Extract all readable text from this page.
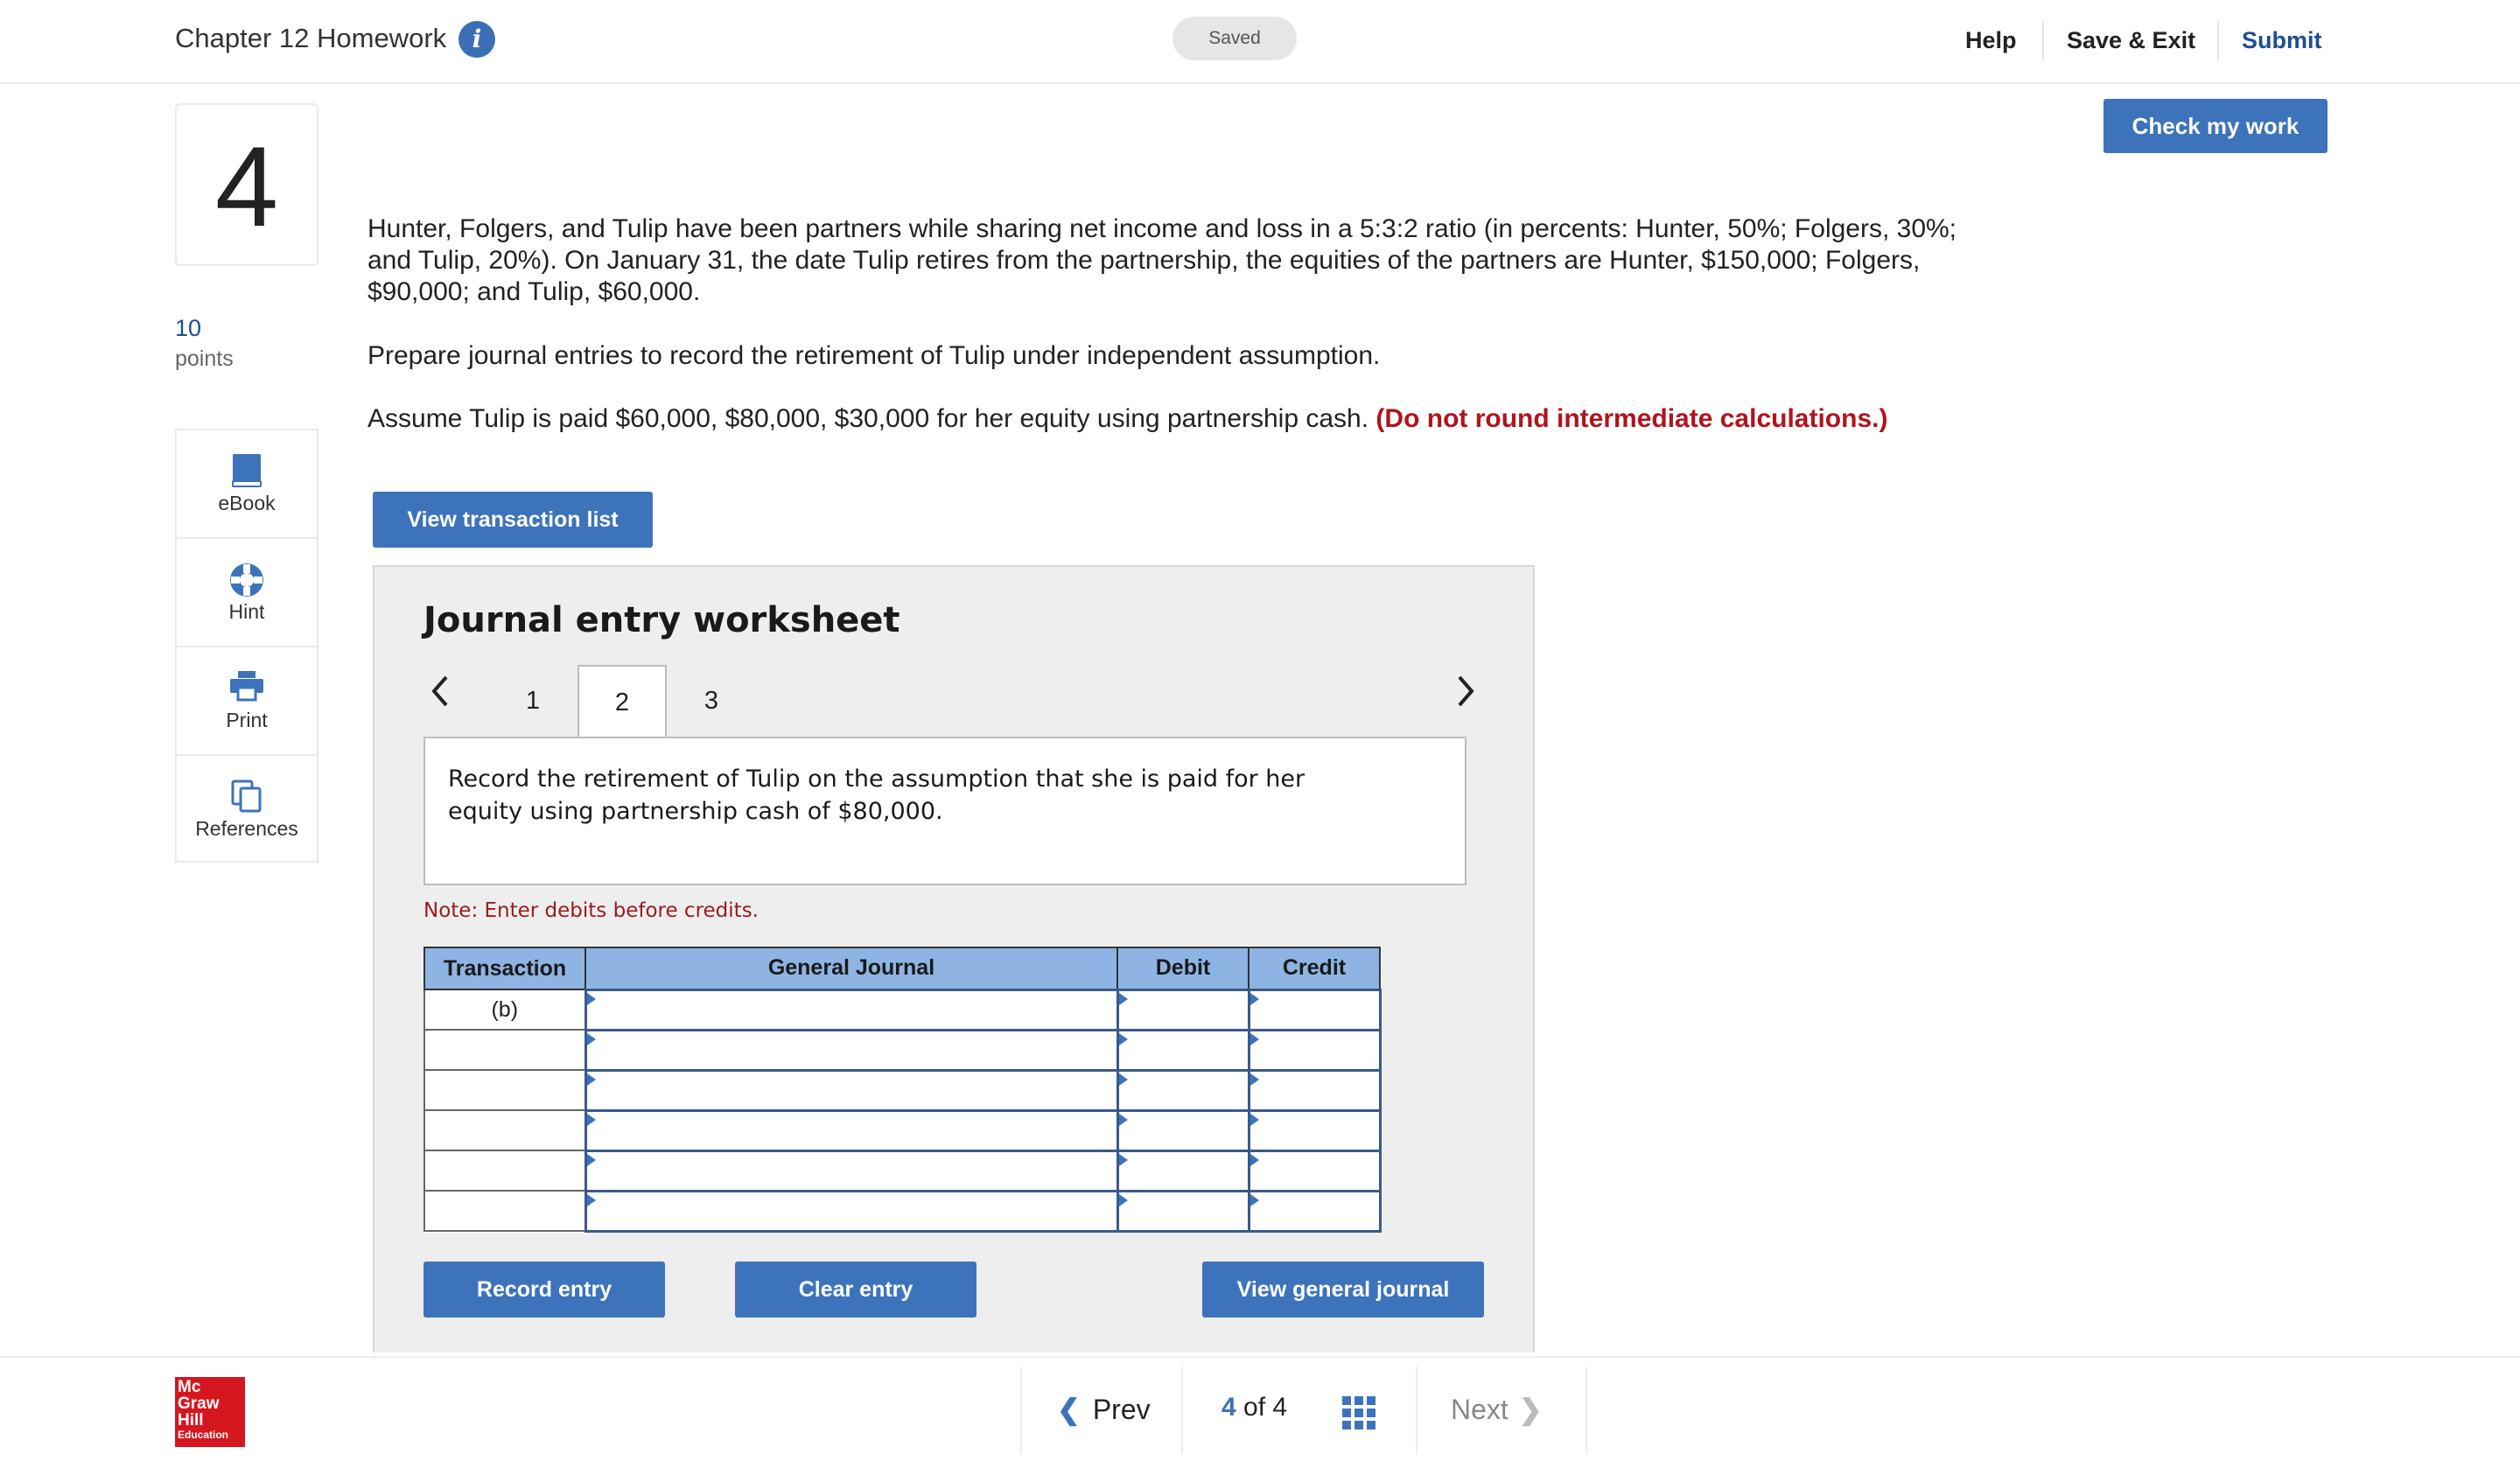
Chapter 12 Homework	i	Saved	Help Save & Exit Submit
Check my work
4
10
points
eBook
Hint
Print
References
Hunter, Folgers, and Tulip have been partners while sharing net income and loss in a 5:3:2 ratio (in percents: Hunter, 50%; Folgers, 30%; and Tulip, 20%). On January 31, the date Tulip retires from the partnership, the equities of the partners are Hunter, $150,000; Folgers, $90,000; and Tulip, $60,000.
Prepare journal entries to record the retirement of Tulip under independent assumption.
Assume Tulip is paid $60,000, $80,000, $30,000 for her equity using partnership cash. (Do not round intermediate calculations.)
View transaction list
Journal entry worksheet
1	2	3
Record the retirement of Tulip on the assumption that she is paid for her equity using partnership cash of $80,000.
Note: Enter debits before credits.
Transaction	General Journal	Debit	Credit
(b)			

Record entry	Clear entry	View general journal
Mc
Graw
Hill
Education
❮ Prev	4 of 4	Next ❯
